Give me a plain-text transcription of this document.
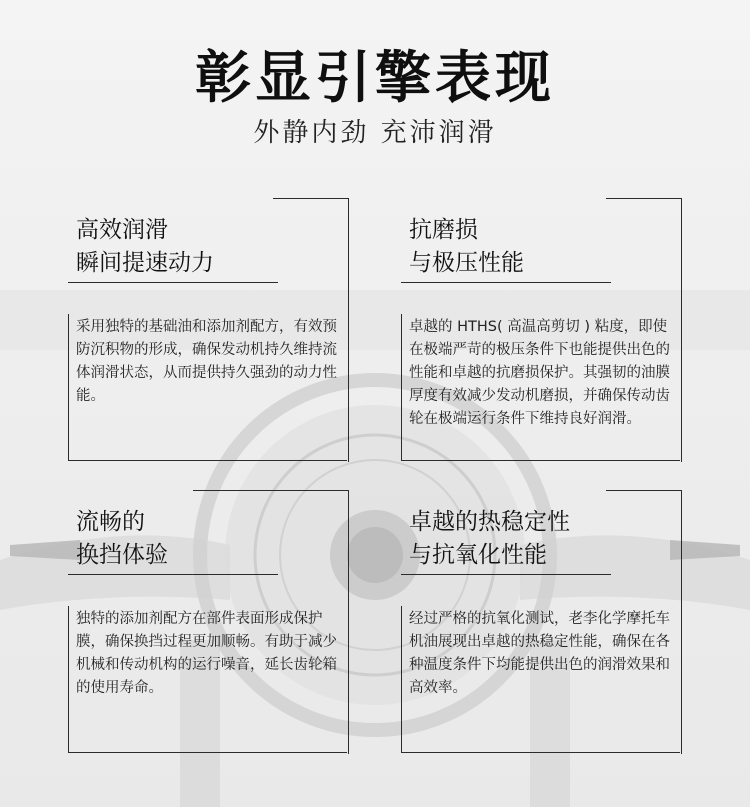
彰显引擎表现
外静内劲 充沛润滑
高效润滑
瞬间提速动力
采用独特的基础油和添加剂配方，有效预防沉积物的形成，确保发动机持久维持流体润滑状态，从而提供持久强劲的动力性能。
抗磨损
与极压性能
卓越的 HTHS( 高温高剪切 ) 粘度，即使在极端严苛的极压条件下也能提供出色的性能和卓越的抗磨损保护。其强韧的油膜厚度有效减少发动机磨损，并确保传动齿轮在极端运行条件下维持良好润滑。
流畅的
换挡体验
独特的添加剂配方在部件表面形成保护膜，确保换挡过程更加顺畅。有助于减少机械和传动机构的运行噪音，延长齿轮箱的使用寿命。
卓越的热稳定性
与抗氧化性能
经过严格的抗氧化测试，老李化学摩托车机油展现出卓越的热稳定性能，确保在各种温度条件下均能提供出色的润滑效果和高效率。
